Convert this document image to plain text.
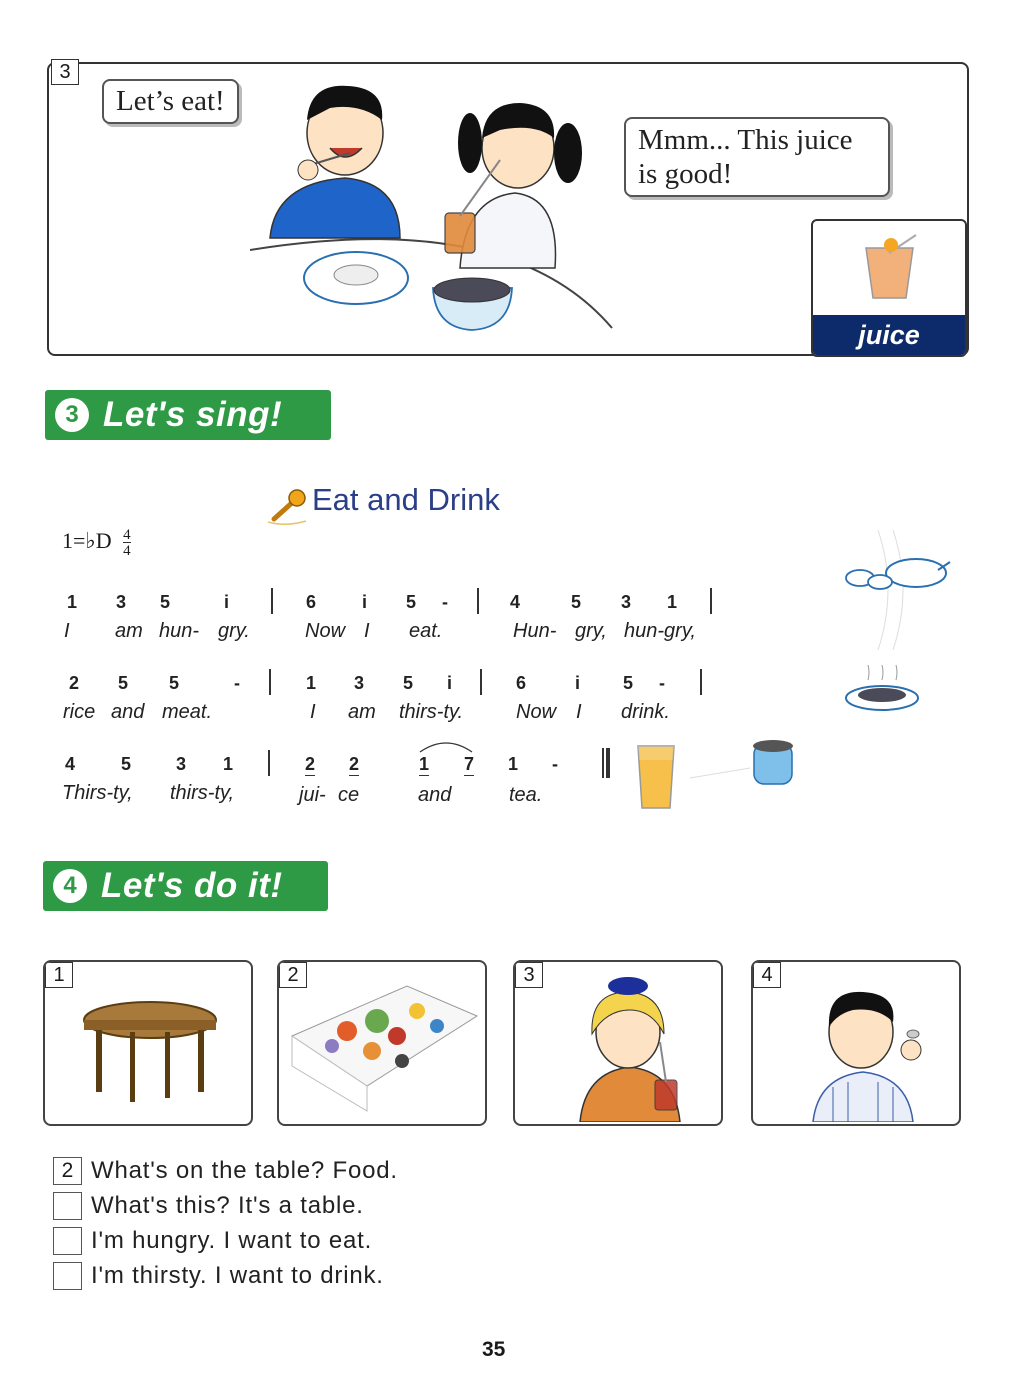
3
Let’s eat!
Mmm... This juice
is good!
juice
3 Let's sing!
Eat and Drink
1=♭D $\frac{4}{4}$
1 3 5	i	6	i 5 -	4	5 3 1
I am hun- gry.	Now I eat.	Hun- gry, hun-gry,
2 5 5	-	1 3 5 i	6	i 5 -
rice and meat.	I am thirs-ty.	Now I drink.
4	5 3 1	2 2	1 7 1 -
Thirs-ty, thirs-ty,	jui- ce	and	tea.
4 Let's do it!
1	2	3	4
2 What's on the table? Food.
What's this? It's a table.
I'm hungry. I want to eat.
I'm thirsty. I want to drink.
35
